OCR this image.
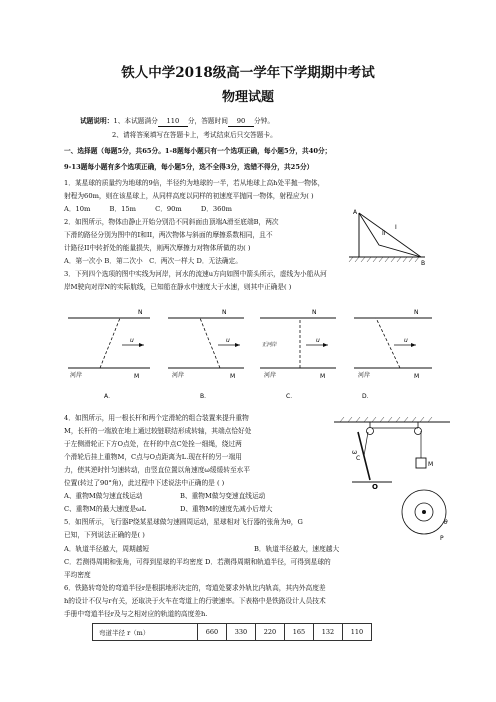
铁人中学2018级高一学年下学期期中考试
物理试题
试题说明：1、本试题满分 110 分，答题时间 90 分钟。
2、请将答案填写在答题卡上，考试结束后只交答题卡。
一、选择题（每题5分，共65分。1-8题每小题只有一个选项正确，每小题5分，共40分；
9-13题每小题有多个选项正确，每小题5分，选不全得3分，选错不得分，共25分）
1．某星球的质量约为地球的9倍，半径约为地球的一半，若从地球上高h处平抛一物体，
射程为60m，则在该星球上，从同样高度以同样的初速度平抛同一物体，射程应为( )
A．10m         B．15m         C．90m         D．360m
2．如图所示，物体由静止开始分别沿不同斜面由顶端A滑至底端B，两次
下滑的路径分别为图中的I和II，两次物体与斜面的摩擦系数相同，且不
计路径II中转折处的能量损失，则两次摩擦力对物体所做的功( )
A．第一次小 B．第二次小   C．两次一样大 D．无法确定。
A
B
I
II
3．下列四个选项的图中实线为河岸，河水的流速u方向如图中箭头所示，虚线为小船从河
岸M驶向对岸N的实际航线，已知船在静水中速度大于水速，则其中正确是( )
N
u
M
河岸
A．
N
u
M
河岸
B．
N
正河岸
u
M
河岸
C．
N
u
M
河岸
D．
4．如图所示，用一根长杆和两个定滑轮的组合装置来提升重物
M，长杆的一端放在地上通过较链联结形成转轴，其端点恰好处
于左侧滑轮正下方O点处，在杆的中点C处拴一细绳，绕过两
个滑轮后挂上重物M，C点与O点距离为L.现在杆的另一端用
力，使其逆时针匀速转动，由竖直位置以角速度ω缓缓转至水平
位置(转过了90°角)，此过程中下述说法中正确的是 ( )
A、重物M做匀速直线运动	B、重物M做匀变速直线运动
C、重物M的最大速度是ωL	D、重物M的速度先减小后增大
ω
C
O
M
5．如图所示，飞行器P绕某星球做匀速圆周运动，星球相对飞行器的张角为θ，G
已知，下列说法正确的是( )
A．轨道半径越大，周期越短	B．轨道半径越大，速度越大
C．若测得周期和张角，可得到星球的平均密度 D．若测得周期和轨道半径，可得到星球的
平均密度
P
θ
6．铁路转弯处的弯道半径r是根据地形决定的，弯道处要求外轨比内轨高，其内外高度差
h的设计不仅与r有关，还取决于火车在弯道上的行驶速率。下表格中是铁路设计人员技术
手册中弯道半径r及与之相对应的轨道的高度差h.
弯道半径 r（m）	660	330	220	165	132	110
